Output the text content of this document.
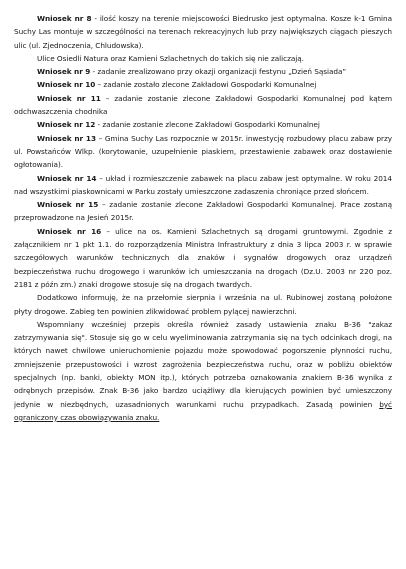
Wniosek nr 8 - ilość koszy na terenie miejscowości Biedrusko jest optymalna. Kosze k-1 Gmina Suchy Las montuje w szczególności na terenach rekreacyjnych lub przy największych ciągach pieszych ulic (ul. Zjednoczenia, Chludowska).

Ulice Osiedli Natura oraz Kamieni Szlachetnych do takich się nie zaliczają.

Wniosek nr 9 - zadanie zrealizowano przy okazji organizacji festynu „Dzień Sąsiada”

Wniosek nr 10 – zadanie zostało zlecone Zakładowi Gospodarki Komunalnej

Wniosek nr 11 – zadanie zostanie zlecone Zakładowi Gospodarki Komunalnej pod kątem odchwaszczenia chodnika

Wniosek nr 12 - zadanie zostanie zlecone Zakładowi Gospodarki Komunalnej

Wniosek nr 13 – Gmina Suchy Las rozpocznie w 2015r. inwestycję rozbudowy placu zabaw przy ul. Powstańców Wlkp. (korytowanie, uzupełnienie piaskiem, przestawienie zabawek oraz dostawienie ogłotowania).

Wniosek nr 14 – układ i rozmieszczenie zabawek na placu zabaw jest optymalne. W roku 2014 nad wszystkimi piaskownicami w Parku zostały umieszczone zadaszenia chroniące przed słońcem.

Wniosek nr 15 – zadanie zostanie zlecone Zakładowi Gospodarki Komunalnej. Prace zostaną przeprowadzone na Jesień 2015r.

Wniosek nr 16 – ulice na os. Kamieni Szlachetnych są drogami gruntowymi. Zgodnie z załącznikiem nr 1 pkt 1.1. do rozporządzenia Ministra Infrastruktury z dnia 3 lipca 2003 r. w sprawie szczegółowych warunków technicznych dla znaków i sygnałów drogowych oraz urządzeń bezpieczeństwa ruchu drogowego i warunków ich umieszczania na drogach (Dz.U. 2003 nr 220 poz. 2181 z późn zm.) znaki drogowe stosuje się na drogach twardych.

Dodatkowo informuję, że na przełomie sierpnia i września na ul. Rubinowej zostaną położone płyty drogowe. Zabieg ten powinien zlikwidować problem pylącej nawierzchni.

Wspomniany wcześniej przepis określa również zasady ustawienia znaku B-36 "zakaz zatrzymywania się". Stosuje się go w celu wyeliminowania zatrzymania się na tych odcinkach drogi, na których nawet chwilowe unieruchomienie pojazdu może spowodować pogorszenie płynności ruchu, zmniejszenie przepustowości i wzrost zagrożenia bezpieczeństwa ruchu, oraz w pobliżu obiektów specjalnych (np. banki, obiekty MON itp.), których potrzeba oznakowania znakiem B-36 wynika z odrębnych przepisów. Znak B-36 jako bardzo uciążliwy dla kierujących powinien być umieszczony jedynie w niezbędnych, uzasadnionych warunkami ruchu przypadkach. Zasadą powinien być ograniczony czas obowiązywania znaku.
